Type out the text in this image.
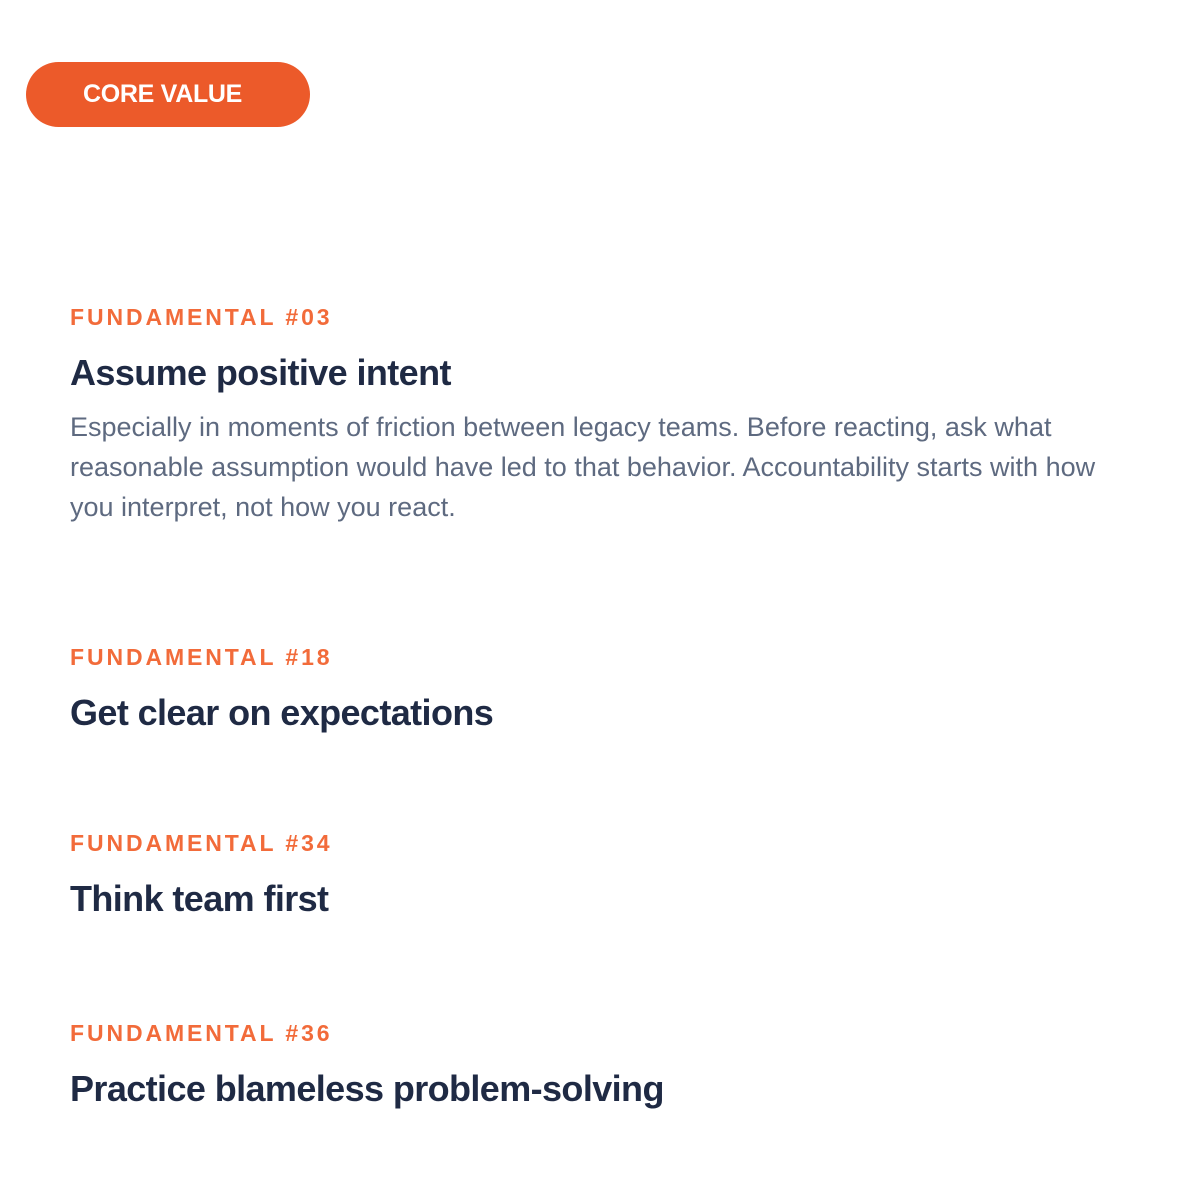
CORE VALUE
FUNDAMENTAL #03
Assume positive intent
Especially in moments of friction between legacy teams. Before reacting, ask what reasonable assumption would have led to that behavior. Accountability starts with how you interpret, not how you react.
FUNDAMENTAL #18
Get clear on expectations
FUNDAMENTAL #34
Think team first
FUNDAMENTAL #36
Practice blameless problem-solving
